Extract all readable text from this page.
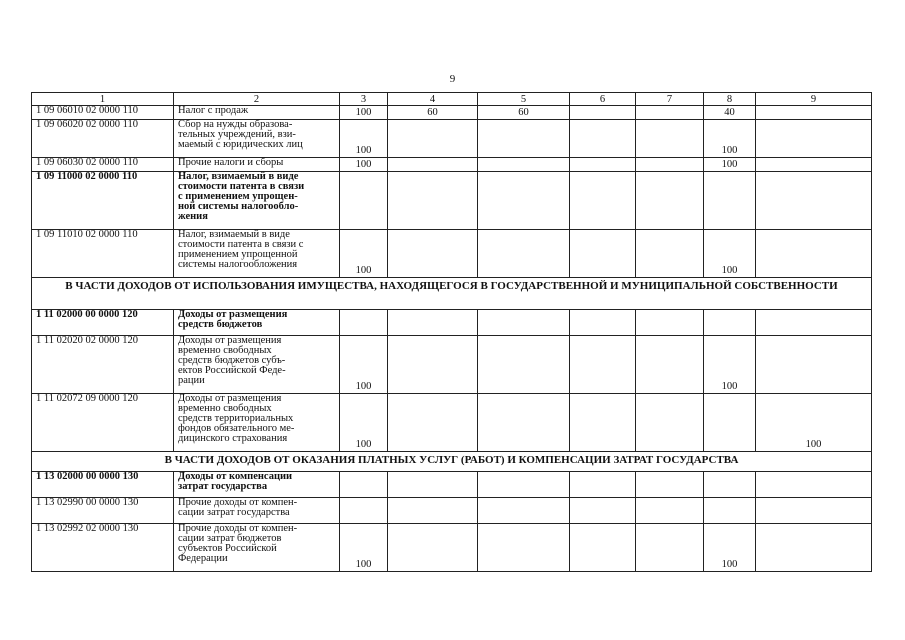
9
1	2	3	4	5	6	7	8	9
1 09 06010 02 0000 110	Налог с продаж	100	60	60			40	
1 09 06020 02 0000 110	Сбор на нужды образова-
тельных учреждений, взи-
маемый с юридических лиц	100					100	
1 09 06030 02 0000 110	Прочие налоги и сборы	100					100	
1 09 11000 02 0000 110	Налог, взимаемый в виде
стоимости патента в связи
с применением упрощен-
ной системы налогообло-
жения							

1 09 11010 02 0000 110	Налог, взимаемый в виде
стоимости патента в связи с
применением упрощенной
системы налогообложения	100					100	
В ЧАСТИ ДОХОДОВ ОТ ИСПОЛЬЗОВАНИЯ ИМУЩЕСТВА, НАХОДЯЩЕГОСЯ В ГОСУДАРСТВЕННОЙ И МУНИЦИПАЛЬНОЙ СОБСТВЕННОСТИ								
1 11 02000 00 0000 120	Доходы от размещения
средств бюджетов							

1 11 02020 02 0000 120	Доходы от размещения
временно свободных
средств бюджетов субъ-
ектов Российской Феде-
рации	100					100	
1 11 02072 09 0000 120	Доходы от размещения
временно свободных
средств территориальных
фондов обязательного ме-
дицинского страхования	100						100
В ЧАСТИ ДОХОДОВ ОТ ОКАЗАНИЯ ПЛАТНЫХ УСЛУГ (РАБОТ) И КОМПЕНСАЦИИ ЗАТРАТ ГОСУДАРСТВА								
1 13 02000 00 0000 130	Доходы от компенсации
затрат государства							

1 13 02990 00 0000 130	Прочие доходы от компен-
сации затрат государства							

1 13 02992 02 0000 130	Прочие доходы от компен-
сации затрат бюджетов
субъектов Российской
Федерации	100					100	
